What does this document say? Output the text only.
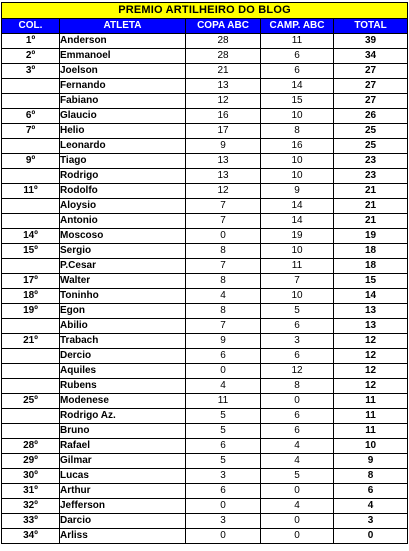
PREMIO ARTILHEIRO DO BLOG				
COL.	ATLETA	COPA ABC	CAMP. ABC	TOTAL
1º	Anderson	28	11	39
2º	Emmanoel	28	6	34
3º	Joelson	21	6	27
	Fernando	13	14	27
	Fabiano	12	15	27
6º	Glaucio	16	10	26
7º	Helio	17	8	25
	Leonardo	9	16	25
9º	Tiago	13	10	23
	Rodrigo	13	10	23
11º	Rodolfo	12	9	21
	Aloysio	7	14	21
	Antonio	7	14	21
14º	Moscoso	0	19	19
15º	Sergio	8	10	18
	P.Cesar	7	11	18
17º	Walter	8	7	15
18º	Toninho	4	10	14
19º	Egon	8	5	13
	Abilio	7	6	13
21º	Trabach	9	3	12
	Dercio	6	6	12
	Aquiles	0	12	12
	Rubens	4	8	12
25º	Modenese	11	0	11
	Rodrigo Az.	5	6	11
	Bruno	5	6	11
28º	Rafael	6	4	10
29º	Gilmar	5	4	9
30º	Lucas	3	5	8
31º	Arthur	6	0	6
32º	Jefferson	0	4	4
33º	Darcio	3	0	3
34º	Arliss	0	0	0
